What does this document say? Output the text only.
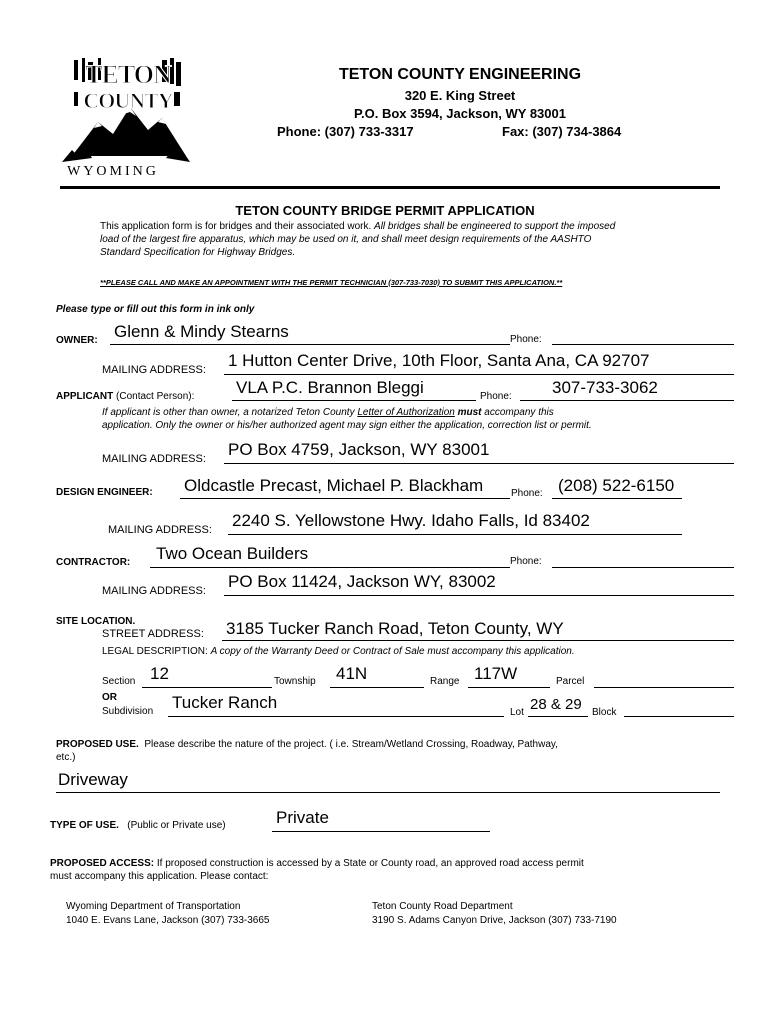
TETON
COUNTY
WYOMING
TETON COUNTY ENGINEERING
320 E. King Street
P.O. Box 3594, Jackson, WY 83001
Phone: (307) 733-3317	Fax: (307) 734-3864
TETON COUNTY BRIDGE PERMIT APPLICATION
This application form is for bridges and their associated work. All bridges shall be engineered to support the imposed
load of the largest fire apparatus, which may be used on it, and shall meet design requirements of the AASHTO
Standard Specification for Highway Bridges.
**PLEASE CALL AND MAKE AN APPOINTMENT WITH THE PERMIT TECHNICIAN (307-733-7030) TO SUBMIT THIS APPLICATION.**
Please type or fill out this form in ink only
OWNER: Glenn & Mindy Stearns	Phone:
MAILING ADDRESS: 1 Hutton Center Drive, 10th Floor, Santa Ana, CA 92707
APPLICANT (Contact Person): VLA P.C. Brannon Bleggi	Phone: 307-733-3062
If applicant is other than owner, a notarized Teton County Letter of Authorization must accompany this
application. Only the owner or his/her authorized agent may sign either the application, correction list or permit.
MAILING ADDRESS: PO Box 4759, Jackson, WY 83001
DESIGN ENGINEER: Oldcastle Precast, Michael P. Blackham	Phone: (208) 522-6150
MAILING ADDRESS: 2240 S. Yellowstone Hwy. Idaho Falls, Id 83402
CONTRACTOR: Two Ocean Builders	Phone:
MAILING ADDRESS: PO Box 11424, Jackson WY, 83002
SITE LOCATION.
STREET ADDRESS: 3185 Tucker Ranch Road, Teton County, WY
LEGAL DESCRIPTION: A copy of the Warranty Deed or Contract of Sale must accompany this application.
Section 12	Township 41N	Range 117W	Parcel
OR
Subdivision Tucker Ranch
Lot 28 & 29 Block
PROPOSED USE. Please describe the nature of the project. ( i.e. Stream/Wetland Crossing, Roadway, Pathway,
etc.)
Driveway
TYPE OF USE. (Public or Private use)	Private
PROPOSED ACCESS: If proposed construction is accessed by a State or County road, an approved road access permit
must accompany this application. Please contact:
Wyoming Department of Transportation
1040 E. Evans Lane, Jackson (307) 733-3665
Teton County Road Department
3190 S. Adams Canyon Drive, Jackson (307) 733-7190
